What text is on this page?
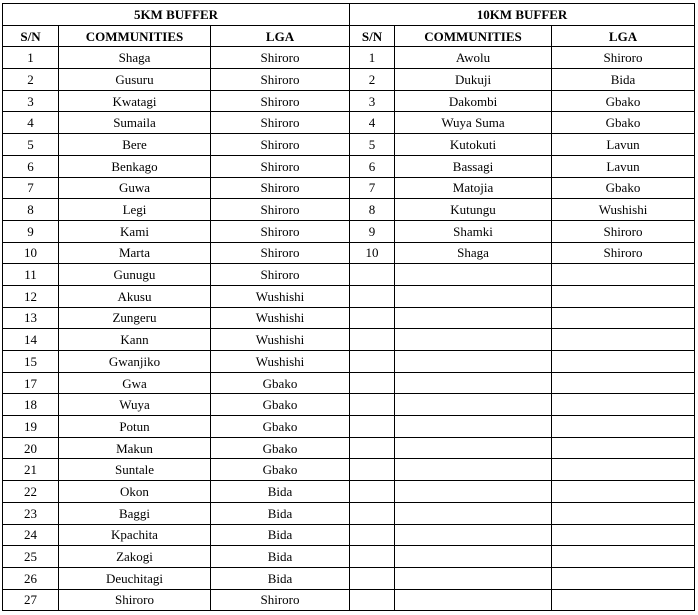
5KM BUFFER			10KM BUFFER		
S/N	COMMUNITIES	LGA	S/N	COMMUNITIES	LGA
1	Shaga	Shiroro	1	Awolu	Shiroro
2	Gusuru	Shiroro	2	Dukuji	Bida
3	Kwatagi	Shiroro	3	Dakombi	Gbako
4	Sumaila	Shiroro	4	Wuya Suma	Gbako
5	Bere	Shiroro	5	Kutokuti	Lavun
6	Benkago	Shiroro	6	Bassagi	Lavun
7	Guwa	Shiroro	7	Matojia	Gbako
8	Legi	Shiroro	8	Kutungu	Wushishi
9	Kami	Shiroro	9	Shamki	Shiroro
10	Marta	Shiroro	10	Shaga	Shiroro
11	Gunugu	Shiroro			
12	Akusu	Wushishi			
13	Zungeru	Wushishi			
14	Kann	Wushishi			
15	Gwanjiko	Wushishi			
17	Gwa	Gbako			
18	Wuya	Gbako			
19	Potun	Gbako			
20	Makun	Gbako			
21	Suntale	Gbako			
22	Okon	Bida			
23	Baggi	Bida			
24	Kpachita	Bida			
25	Zakogi	Bida			
26	Deuchitagi	Bida			
27	Shiroro	Shiroro			
